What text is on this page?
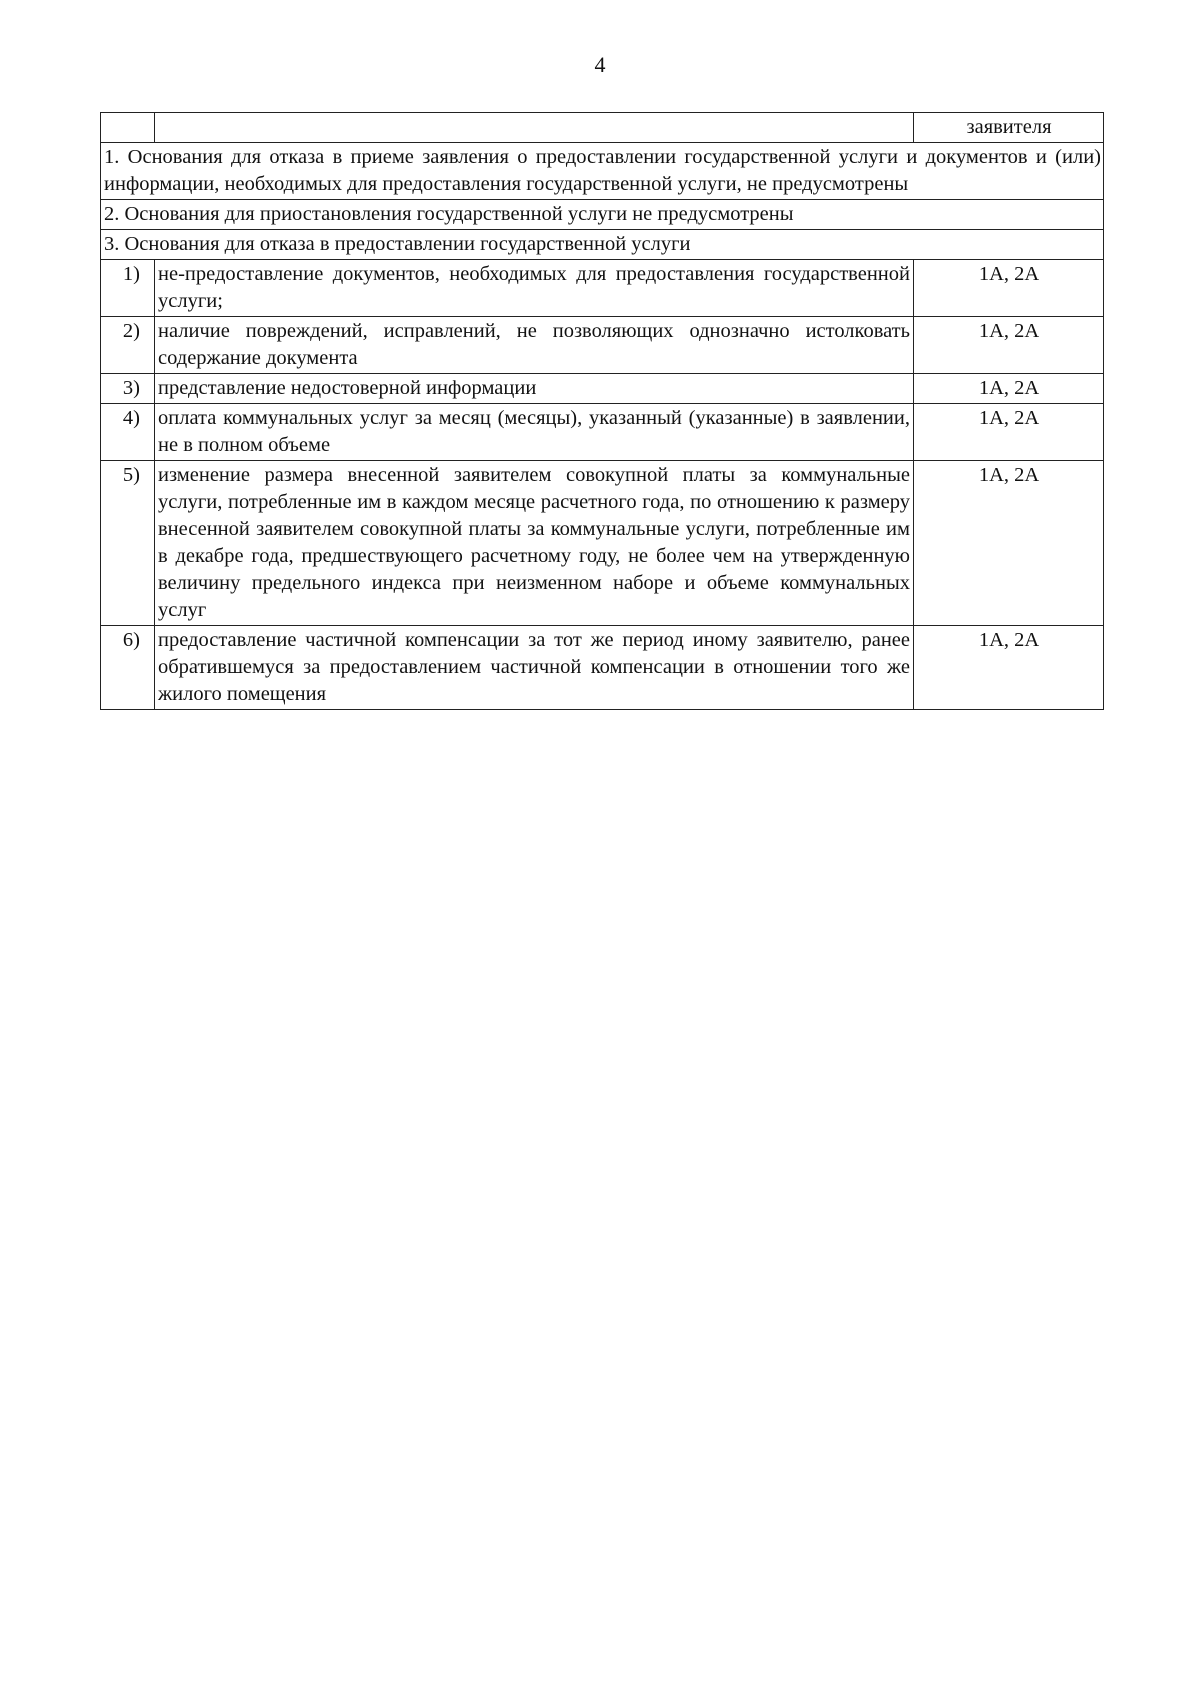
4
		заявителя
1. Основания для отказа в приеме заявления о предоставлении государственной услуги и документов и (или) информации, необходимых для предоставления государственной услуги, не предусмотрены		
2. Основания для приостановления государственной услуги не предусмотрены		
3. Основания для отказа в предоставлении государственной услуги		
1)	не-предоставление документов, необходимых для предоставления государственной услуги;	1А, 2А
2)	наличие повреждений, исправлений, не позволяющих однозначно истолковать содержание документа	1А, 2А
3)	представление недостоверной информации	1А, 2А
4)	оплата коммунальных услуг за месяц (месяцы), указанный (указанные) в заявлении, не в полном объеме	1А, 2А
5)	изменение размера внесенной заявителем совокупной платы за коммунальные услуги, потребленные им в каждом месяце расчетного года, по отношению к размеру внесенной заявителем совокупной платы за коммунальные услуги, потребленные им в декабре года, предшествующего расчетному году, не более чем на утвержденную величину предельного индекса при неизменном наборе и объеме коммунальных услуг	1А, 2А
6)	предоставление частичной компенсации за тот же период иному заявителю, ранее обратившемуся за предоставлением частичной компенсации в отношении того же жилого помещения	1А, 2А
